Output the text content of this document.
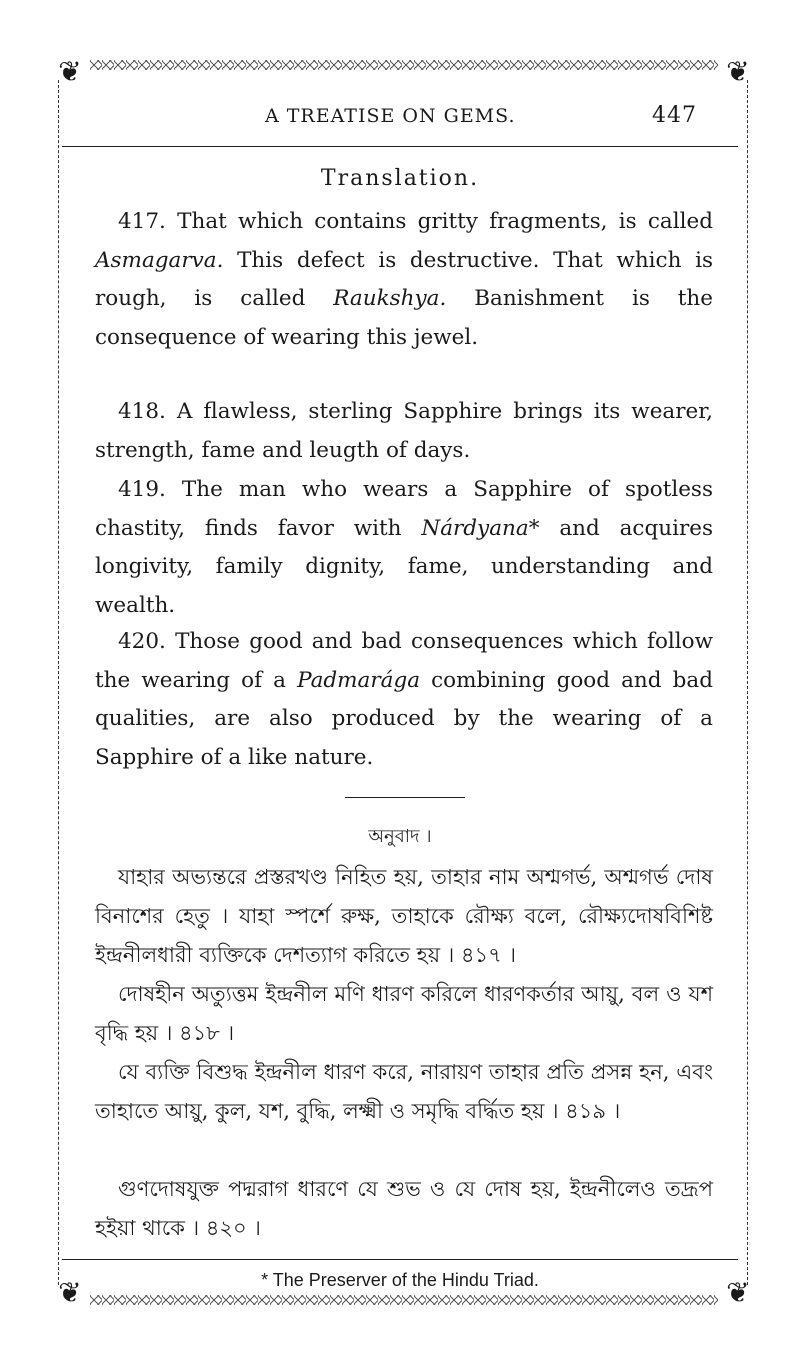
❦	❦
❦	❦
A TREATISE ON GEMS.	447
Translation.

417. That which contains gritty fragments, is called Asmagarva. This defect is destructive. That which is rough, is called Raukshya. Banishment is the consequence of wearing this jewel.

418. A flawless, sterling Sapphire brings its wearer, strength, fame and leugth of days.

419. The man who wears a Sapphire of spotless chastity, finds favor with Nárdyana* and acquires longivity, family dignity, fame, understanding and wealth.

420. Those good and bad consequences which follow the wearing of a Padmarága combining good and bad qualities, are also produced by the wearing of a Sapphire of a like nature.

অনুবাদ ।

যাহার অভ্যন্তরে প্রস্তরখণ্ড নিহিত হয়, তাহার নাম অশ্মগর্ভ, অশ্মগর্ভ দোষ বিনাশের হেতু । যাহা স্পর্শে রুক্ষ, তাহাকে রৌক্ষ্য বলে, রৌক্ষ্যদোষবিশিষ্ট ইন্দ্রনীলধারী ব্যক্তিকে দেশত্যাগ করিতে হয় । ৪১৭ ।

দোষহীন অত্যুত্তম ইন্দ্রনীল মণি ধারণ করিলে ধারণকর্তার আয়ু, বল ও যশ বৃদ্ধি হয় । ৪১৮ ।

যে ব্যক্তি বিশুদ্ধ ইন্দ্রনীল ধারণ করে, নারায়ণ তাহার প্রতি প্রসন্ন হন, এবং তাহাতে আয়ু, কুল, যশ, বুদ্ধি, লক্ষ্মী ও সমৃদ্ধি বর্দ্ধিত হয় । ৪১৯ ।

গুণদোষযুক্ত পদ্মরাগ ধারণে যে শুভ ও যে দোষ হয়, ইন্দ্রনীলেও তদ্রূপ হইয়া থাকে । ৪২০ ।

* The Preserver of the Hindu Triad.
